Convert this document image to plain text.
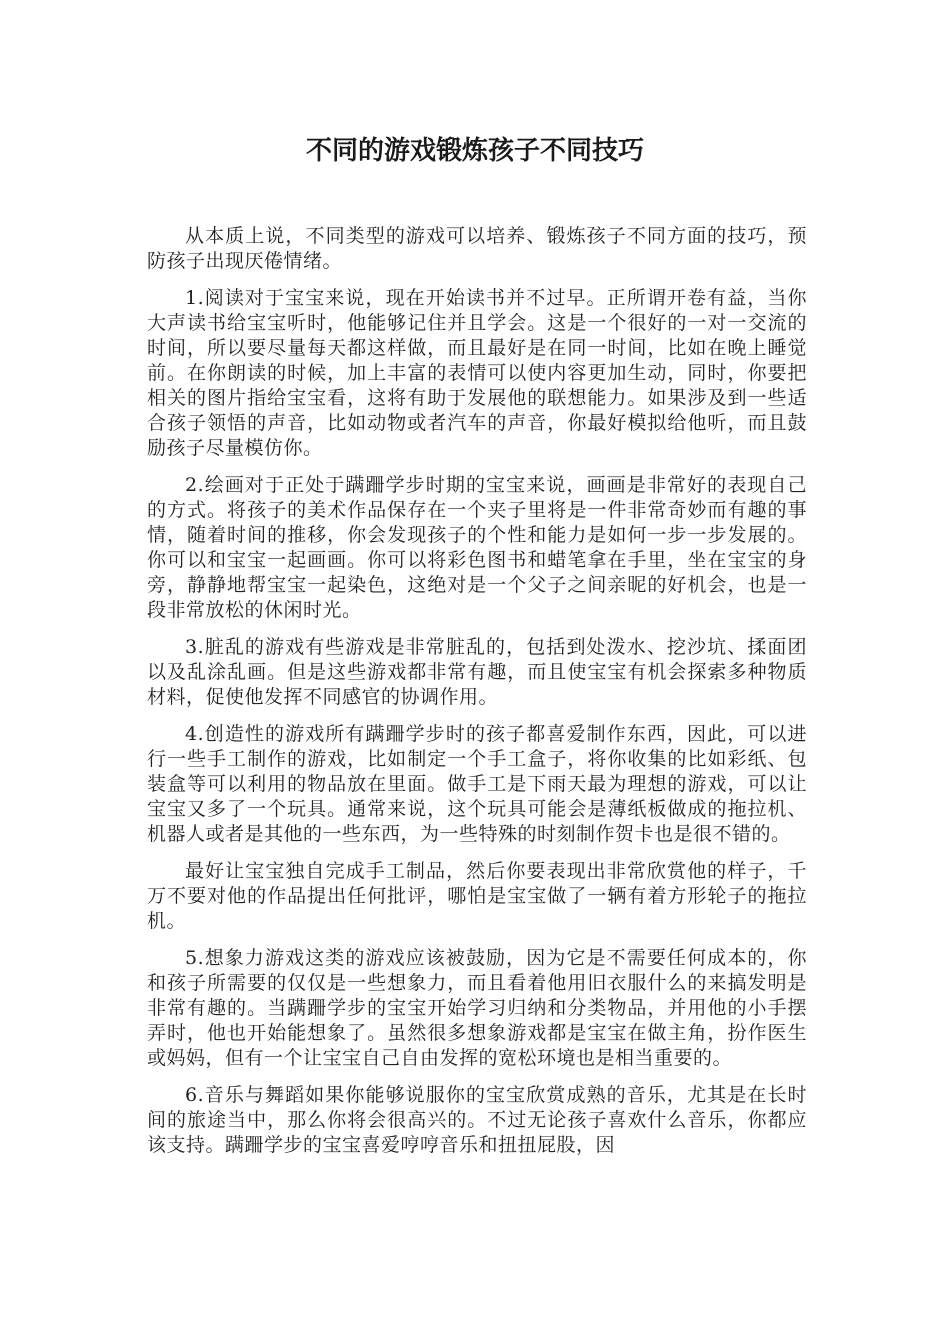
不同的游戏锻炼孩子不同技巧

从本质上说，不同类型的游戏可以培养、锻炼孩子不同方面的技巧，预防孩子出现厌倦情绪。

1.阅读对于宝宝来说，现在开始读书并不过早。正所谓开卷有益，当你大声读书给宝宝听时，他能够记住并且学会。这是一个很好的一对一交流的时间，所以要尽量每天都这样做，而且最好是在同一时间，比如在晚上睡觉前。在你朗读的时候，加上丰富的表情可以使内容更加生动，同时，你要把相关的图片指给宝宝看，这将有助于发展他的联想能力。如果涉及到一些适合孩子领悟的声音，比如动物或者汽车的声音，你最好模拟给他听，而且鼓励孩子尽量模仿你。

2.绘画对于正处于蹒跚学步时期的宝宝来说，画画是非常好的表现自己的方式。将孩子的美术作品保存在一个夹子里将是一件非常奇妙而有趣的事情，随着时间的推移，你会发现孩子的个性和能力是如何一步一步发展的。你可以和宝宝一起画画。你可以将彩色图书和蜡笔拿在手里，坐在宝宝的身旁，静静地帮宝宝一起染色，这绝对是一个父子之间亲昵的好机会，也是一段非常放松的休闲时光。

3.脏乱的游戏有些游戏是非常脏乱的，包括到处泼水、挖沙坑、揉面团以及乱涂乱画。但是这些游戏都非常有趣，而且使宝宝有机会探索多种物质材料，促使他发挥不同感官的协调作用。

4.创造性的游戏所有蹒跚学步时的孩子都喜爱制作东西，因此，可以进行一些手工制作的游戏，比如制定一个手工盒子，将你收集的比如彩纸、包装盒等可以利用的物品放在里面。做手工是下雨天最为理想的游戏，可以让宝宝又多了一个玩具。通常来说，这个玩具可能会是薄纸板做成的拖拉机、机器人或者是其他的一些东西，为一些特殊的时刻制作贺卡也是很不错的。

最好让宝宝独自完成手工制品，然后你要表现出非常欣赏他的样子，千万不要对他的作品提出任何批评，哪怕是宝宝做了一辆有着方形轮子的拖拉机。

5.想象力游戏这类的游戏应该被鼓励，因为它是不需要任何成本的，你和孩子所需要的仅仅是一些想象力，而且看着他用旧衣服什么的来搞发明是非常有趣的。当蹒跚学步的宝宝开始学习归纳和分类物品，并用他的小手摆弄时，他也开始能想象了。虽然很多想象游戏都是宝宝在做主角，扮作医生或妈妈，但有一个让宝宝自己自由发挥的宽松环境也是相当重要的。

6.音乐与舞蹈如果你能够说服你的宝宝欣赏成熟的音乐，尤其是在长时间的旅途当中，那么你将会很高兴的。不过无论孩子喜欢什么音乐，你都应该支持。蹒跚学步的宝宝喜爱哼哼音乐和扭扭屁股，因
